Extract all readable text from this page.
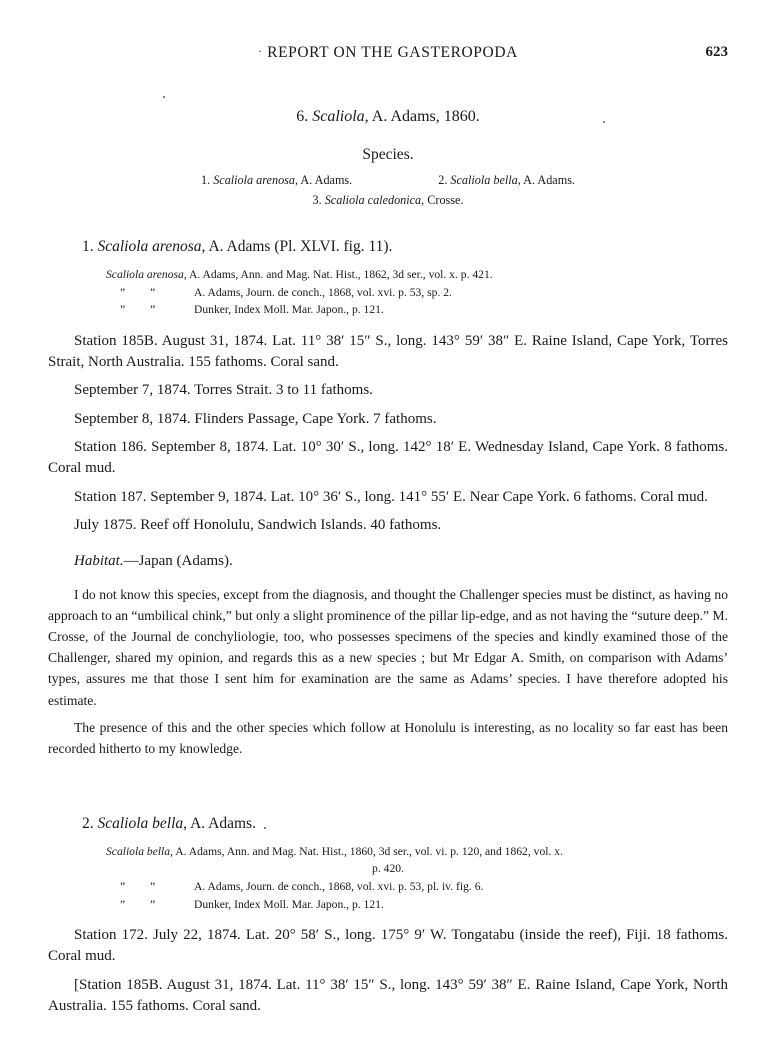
· REPORT ON THE GASTEROPODA	623
6. Scaliola, A. Adams, 1860.
Species.
1. Scaliola arenosa, A. Adams.	2. Scaliola bella, A. Adams.
3. Scaliola caledonica, Crosse.
1. Scaliola arenosa, A. Adams (Pl. XLVI. fig. 11).
Scaliola arenosa, A. Adams, Ann. and Mag. Nat. Hist., 1862, 3d ser., vol. x. p. 421.
”	”	A. Adams, Journ. de conch., 1868, vol. xvi. p. 53, sp. 2.
”	”	Dunker, Index Moll. Mar. Japon., p. 121.
Station 185B. August 31, 1874. Lat. 11° 38′ 15″ S., long. 143° 59′ 38″ E. Raine Island, Cape York, Torres Strait, North Australia. 155 fathoms. Coral sand.
September 7, 1874. Torres Strait. 3 to 11 fathoms.
September 8, 1874. Flinders Passage, Cape York. 7 fathoms.
Station 186. September 8, 1874. Lat. 10° 30′ S., long. 142° 18′ E. Wednesday Island, Cape York. 8 fathoms. Coral mud.
Station 187. September 9, 1874. Lat. 10° 36′ S., long. 141° 55′ E. Near Cape York. 6 fathoms. Coral mud.
July 1875. Reef off Honolulu, Sandwich Islands. 40 fathoms.
Habitat.—Japan (Adams).
I do not know this species, except from the diagnosis, and thought the Challenger species must be distinct, as having no approach to an “umbilical chink,” but only a slight prominence of the pillar lip-edge, and as not having the “suture deep.” M. Crosse, of the Journal de conchyliologie, too, who possesses specimens of the species and kindly examined those of the Challenger, shared my opinion, and regards this as a new species ; but Mr Edgar A. Smith, on comparison with Adams’ types, assures me that those I sent him for examination are the same as Adams’ species. I have therefore adopted his estimate.
The presence of this and the other species which follow at Honolulu is interesting, as no locality so far east has been recorded hitherto to my knowledge.
2. Scaliola bella, A. Adams.
Scaliola bella, A. Adams, Ann. and Mag. Nat. Hist., 1860, 3d ser., vol. vi. p. 120, and 1862, vol. x.
p. 420.
”	”	A. Adams, Journ. de conch., 1868, vol. xvi. p. 53, pl. iv. fig. 6.
”	”	Dunker, Index Moll. Mar. Japon., p. 121.
Station 172. July 22, 1874. Lat. 20° 58′ S., long. 175° 9′ W. Tongatabu (inside the reef), Fiji. 18 fathoms. Coral mud.
[Station 185B. August 31, 1874. Lat. 11° 38′ 15″ S., long. 143° 59′ 38″ E. Raine Island, Cape York, North Australia. 155 fathoms. Coral sand.
